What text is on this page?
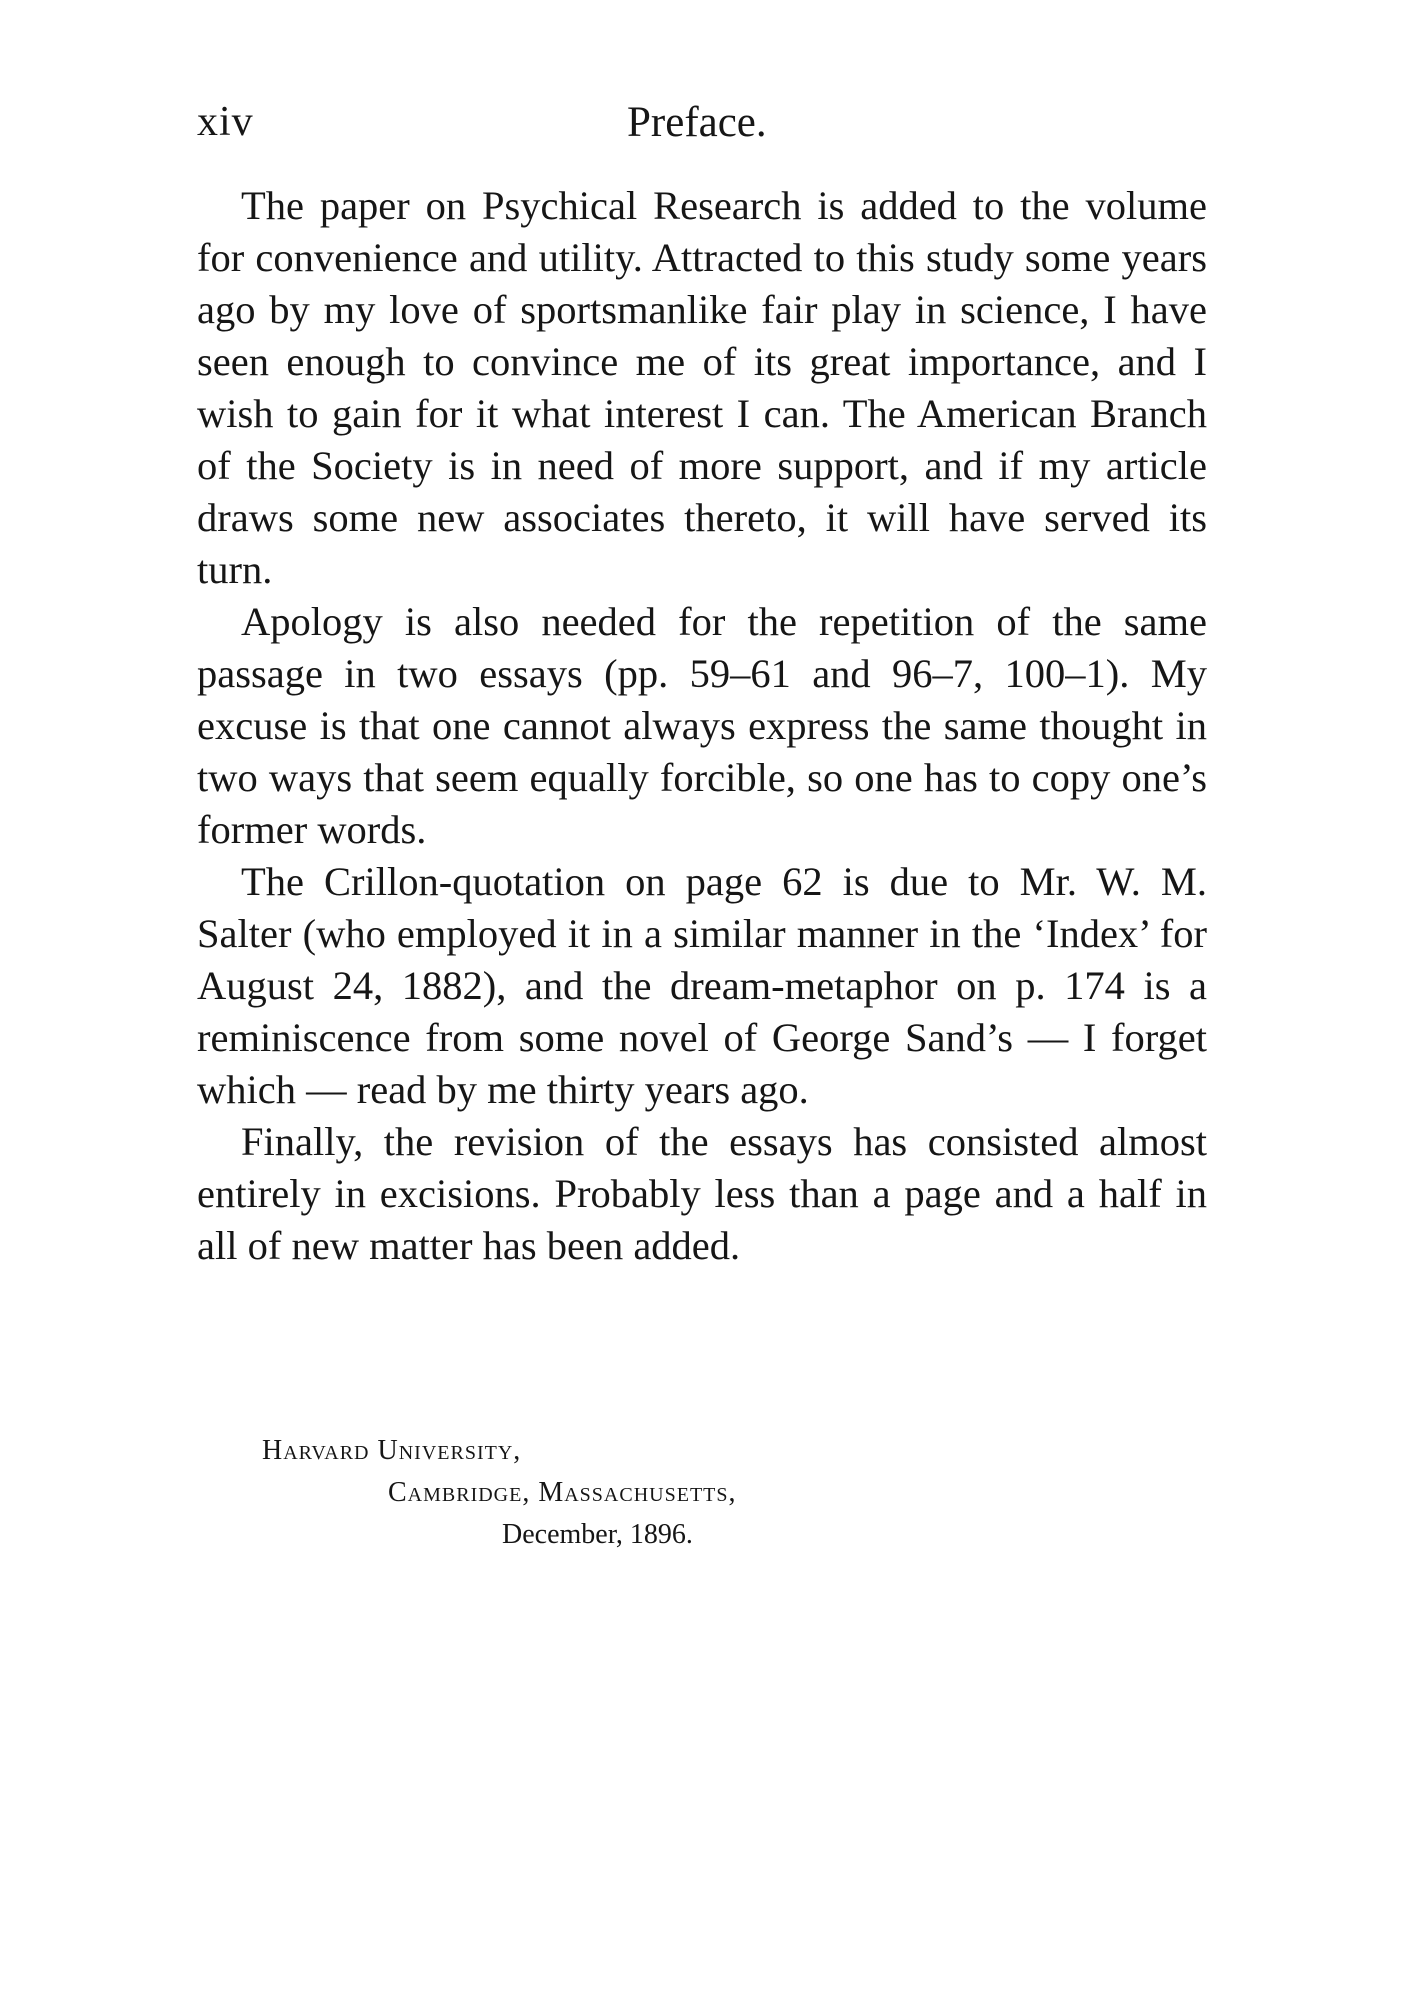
xiv	Preface.

The paper on Psychical Research is added to the volume for convenience and utility. Attracted to this study some years ago by my love of sportsmanlike fair play in science, I have seen enough to convince me of its great importance, and I wish to gain for it what interest I can. The American Branch of the Society is in need of more support, and if my article draws some new associates thereto, it will have served its turn.

Apology is also needed for the repetition of the same passage in two essays (pp. 59–61 and 96–7, 100–1). My excuse is that one cannot always express the same thought in two ways that seem equally forcible, so one has to copy one’s former words.

The Crillon-quotation on page 62 is due to Mr. W. M. Salter (who employed it in a similar manner in the ‘Index’ for August 24, 1882), and the dream-metaphor on p. 174 is a reminiscence from some novel of George Sand’s — I forget which — read by me thirty years ago.

Finally, the revision of the essays has consisted almost entirely in excisions. Probably less than a page and a half in all of new matter has been added.

Harvard University,
Cambridge, Massachusetts,
December, 1896.
